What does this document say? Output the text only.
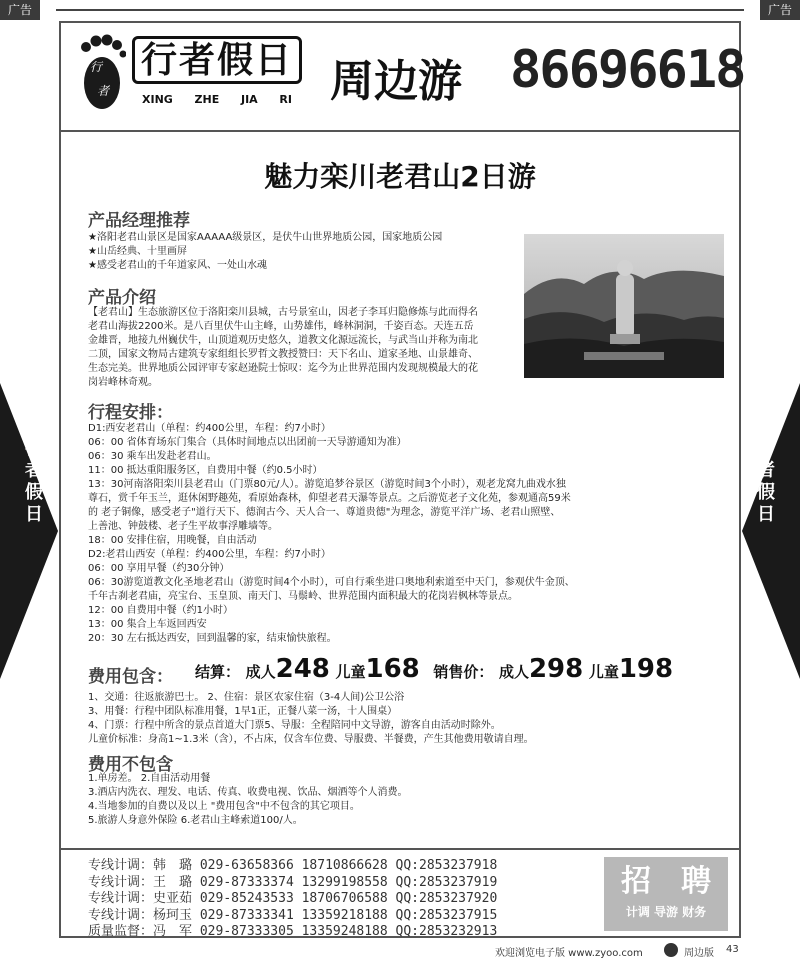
广告	广告
行
者
行者假日
XING ZHE JIA RI 周边游 86696618
魅力栾川老君山2日游
产品经理推荐
★洛阳老君山景区是国家AAAAA级景区，是伏牛山世界地质公园，国家地质公园
★山岳经典、十里画屏
★感受老君山的千年道家风、一处山水魂
产品介绍
【老君山】生态旅游区位于洛阳栾川县城，古号景室山，因老子李耳归隐修炼与此而得名
老君山海拔2200米。是八百里伏牛山主峰，山势雄伟，峰林洞洞，千姿百态。天连五岳
金雄晋，地接九州巍伏牛，山顶道观历史悠久，道教文化源远流长，与武当山并称为南北
二顶，国家文物局古建筑专家组组长罗哲文教授赞曰：天下名山、道家圣地、山景雄奇、
生态完美。世界地质公园评审专家赵逊院士惊叹：迄今为止世界范围内发现规模最大的花
岗岩峰林奇观。
行者假日
行者假日
行程安排：
D1:西安老君山（单程：约400公里，车程：约7小时）
06：00 省体育场东门集合（具体时间地点以出团前一天导游通知为准）
06：30 乘车出发赴老君山。
11：00 抵达重阳服务区，自费用中餐（约0.5小时）
13：30河南洛阳栾川县老君山（门票80元/人）。游览追梦谷景区（游览时间3个小时），观老龙窝九曲戏水独
尊石，赏千年玉兰，逛休闲野趣苑，看原始森林，仰望老君天瀑等景点。之后游览老子文化苑，参观通高59米
的 老子铜像，感受老子"道行天下、德润古今、天人合一、尊道贵德"为理念，游览平洋广场、老君山照壁、
上善池、钟鼓楼、老子生平故事浮雕墙等。
18：00 安排住宿，用晚餐，自由活动
D2:老君山西安（单程：约400公里，车程：约7小时）
06：00 享用早餐（约30分钟）
06：30游览道教文化圣地老君山（游览时间4个小时），可自行乘坐进口奥地利索道至中天门，参观伏牛金顶、
千年古刹老君庙，亮宝台、玉皇顶、南天门、马鬃岭、世界范围内面积最大的花岗岩枫林等景点。
12：00 自费用中餐（约1小时）
13：00 集合上车返回西安
20：30 左右抵达西安，回到温馨的家，结束愉快旅程。
费用包含： 结算： 成人248 儿童168 销售价： 成人298 儿童198
1、交通：往返旅游巴士。 2、住宿：景区农家住宿（3-4人间)公卫公浴
3、用餐：行程中团队标准用餐，1早1正，正餐八菜一汤，十人围桌）
4、门票：行程中所含的景点首道大门票5、导服：全程陪同中文导游，游客自由活动时除外。
儿童价标准：身高1~1.3米（含），不占床，仅含车位费、导服费、半餐费，产生其他费用敬请自理。
费用不包含
1.单房差。 2.自由活动用餐
3.酒店内洗衣、理发、电话、传真、收费电视、饮品、烟酒等个人消费。
4.当地参加的自费以及以上 "费用包含"中不包含的其它项目。
5.旅游人身意外保险 6.老君山主峰索道100/人。
专线计调：韩　璐 029-63658366 18710866628 QQ:2853237918
专线计调：王　璐 029-87333374 13299198558 QQ:2853237919
专线计调：史亚茹 029-85243533 18706706588 QQ:2853237920
专线计调：杨珂玉 029-87333341 13359218188 QQ:2853237915
质量监督：冯　军 029-87333305 13359248188 QQ:2853232913
招　聘
计调 导游 财务
欢迎浏览电子版 www.zyoo.com	周边版 43
